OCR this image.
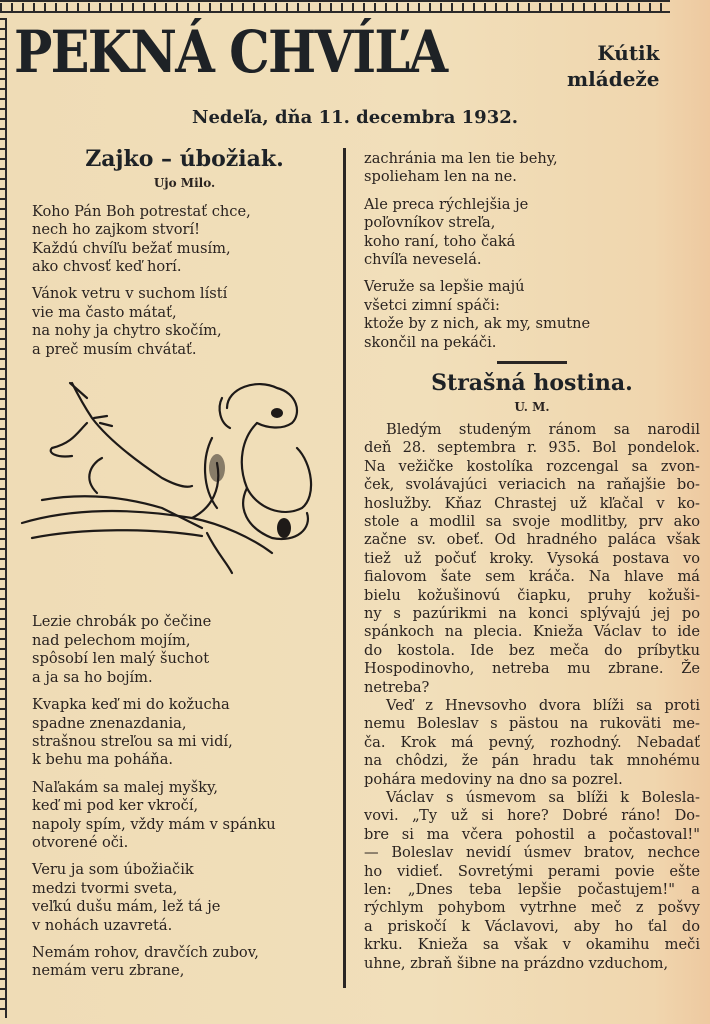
PEKNÁ CHVÍĽA	Kútik
mládeže
Nedeľa, dňa 11. decembra 1932.
Zajko – úbožiak.
Ujo Milo.
Koho Pán Boh potrestať chce,
nech ho zajkom stvorí!
Každú chvíľu bežať musím,
ako chvosť keď horí.
Vánok vetru v suchom lístí
vie ma často mátať,
na nohy ja chytro skočím,
a preč musím chvátať.
Lezie chrobák po čečine
nad pelechom mojím,
spôsobí len malý šuchot
a ja sa ho bojím.
Kvapka keď mi do kožucha
spadne znenazdania,
strašnou streľou sa mi vidí,
k behu ma poháňa.
Naľakám sa malej myšky,
keď mi pod ker vkročí,
napoly spím, vždy mám v spánku
otvorené oči.
Veru ja som úbožiačik
medzi tvormi sveta,
veľkú dušu mám, lež tá je
v nohách uzavretá.
Nemám rohov, dravčích zubov,
nemám veru zbrane,
zachránia ma len tie behy,
spolieham len na ne.
Ale preca rýchlejšia je
poľovníkov streľa,
koho raní, toho čaká
chvíľa neveselá.
Veruže sa lepšie majú
všetci zimní spáči:
ktože by z nich, ak my, smutne
skončil na pekáči.
Strašná hostina.
U. M.
Bledým studeným ránom sa narodil
deň 28. septembra r. 935. Bol pondelok.
Na vežičke kostolíka rozcengal sa zvon-
ček, svolávajúci veriacich na raňajšie bo-
hoslužby. Kňaz Chrastej už kľačal v ko-
stole a modlil sa svoje modlitby, prv ako
začne sv. obeť. Od hradného paláca však
tiež už počuť kroky. Vysoká postava vo
fialovom šate sem kráča. Na hlave má
bielu kožušinovú čiapku, pruhy kožuši-
ny s pazúrikmi na konci splývajú jej po
spánkoch na plecia. Knieža Václav to ide
do kostola. Ide bez meča do príbytku
Hospodinovho, netreba mu zbrane. Že
netreba?
Veď z Hnevsovho dvora blíži sa proti
nemu Boleslav s pästou na rukoväti me-
ča. Krok má pevný, rozhodný. Nebadať
na chôdzi, že pán hradu tak mnohému
pohára medoviny na dno sa pozrel.
Václav s úsmevom sa blíži k Bolesla-
vovi. „Ty už si hore? Dobré ráno! Do-
bre si ma včera pohostil a počastoval!"
— Boleslav nevidí úsmev bratov, nechce
ho vidieť. Sovretými perami povie ešte
len: „Dnes teba lepšie počastujem!" a
rýchlym pohybom vytrhne meč z pošvy
a priskočí k Václavovi, aby ho ťal do
krku. Knieža sa však v okamihu meči
uhne, zbraň šibne na prázdno vzduchom,
